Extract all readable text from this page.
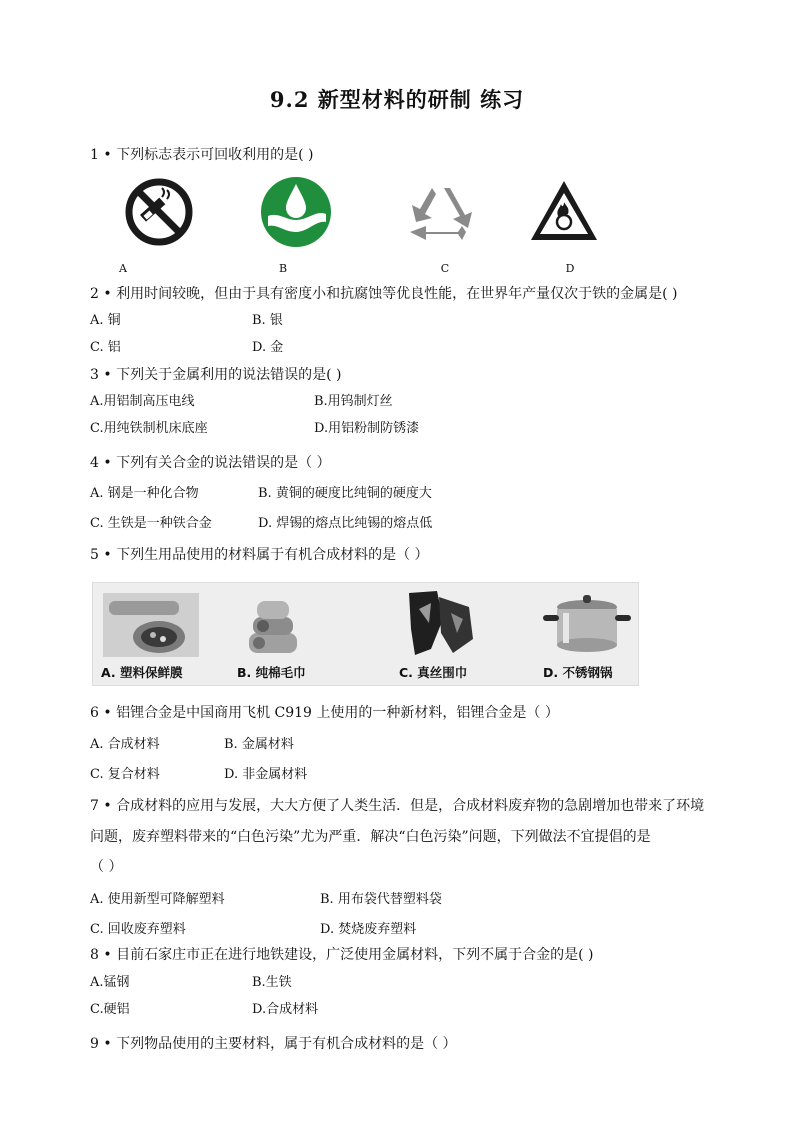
9.2 新型材料的研制 练习
1 • 下列标志表示可回收利用的是( )
A	B	C	D
2 • 利用时间较晚，但由于具有密度小和抗腐蚀等优良性能，在世界年产量仅次于铁的金属是( )
A. 铜	B. 银
C. 铝	D. 金
3 • 下列关于金属利用的说法错误的是( )
A.用铝制高压电线	B.用钨制灯丝
C.用纯铁制机床底座	D.用铝粉制防锈漆
4 • 下列有关合金的说法错误的是（ ）
A. 钢是一种化合物	B. 黄铜的硬度比纯铜的硬度大
C. 生铁是一种铁合金	D. 焊锡的熔点比纯锡的熔点低
5 • 下列生用品使用的材料属于有机合成材料的是（ ）
A. 塑料保鲜膜	B. 纯棉毛巾	C. 真丝围巾	D. 不锈钢锅
6 • 铝锂合金是中国商用飞机 C919 上使用的一种新材料，铝锂合金是（ ）
A. 合成材料	B. 金属材料
C. 复合材料	D. 非金属材料
7 • 合成材料的应用与发展，大大方便了人类生活．但是，合成材料废弃物的急剧增加也带来了环境
问题，废弃塑料带来的“白色污染”尤为严重．解决“白色污染”问题，下列做法不宜提倡的是
（ ）
A. 使用新型可降解塑料	B. 用布袋代替塑料袋
C. 回收废弃塑料	D. 焚烧废弃塑料
8 • 目前石家庄市正在进行地铁建设，广泛使用金属材料，下列不属于合金的是( )
A.锰钢	B.生铁
C.硬铝	D.合成材料
9 • 下列物品使用的主要材料，属于有机合成材料的是（ ）
